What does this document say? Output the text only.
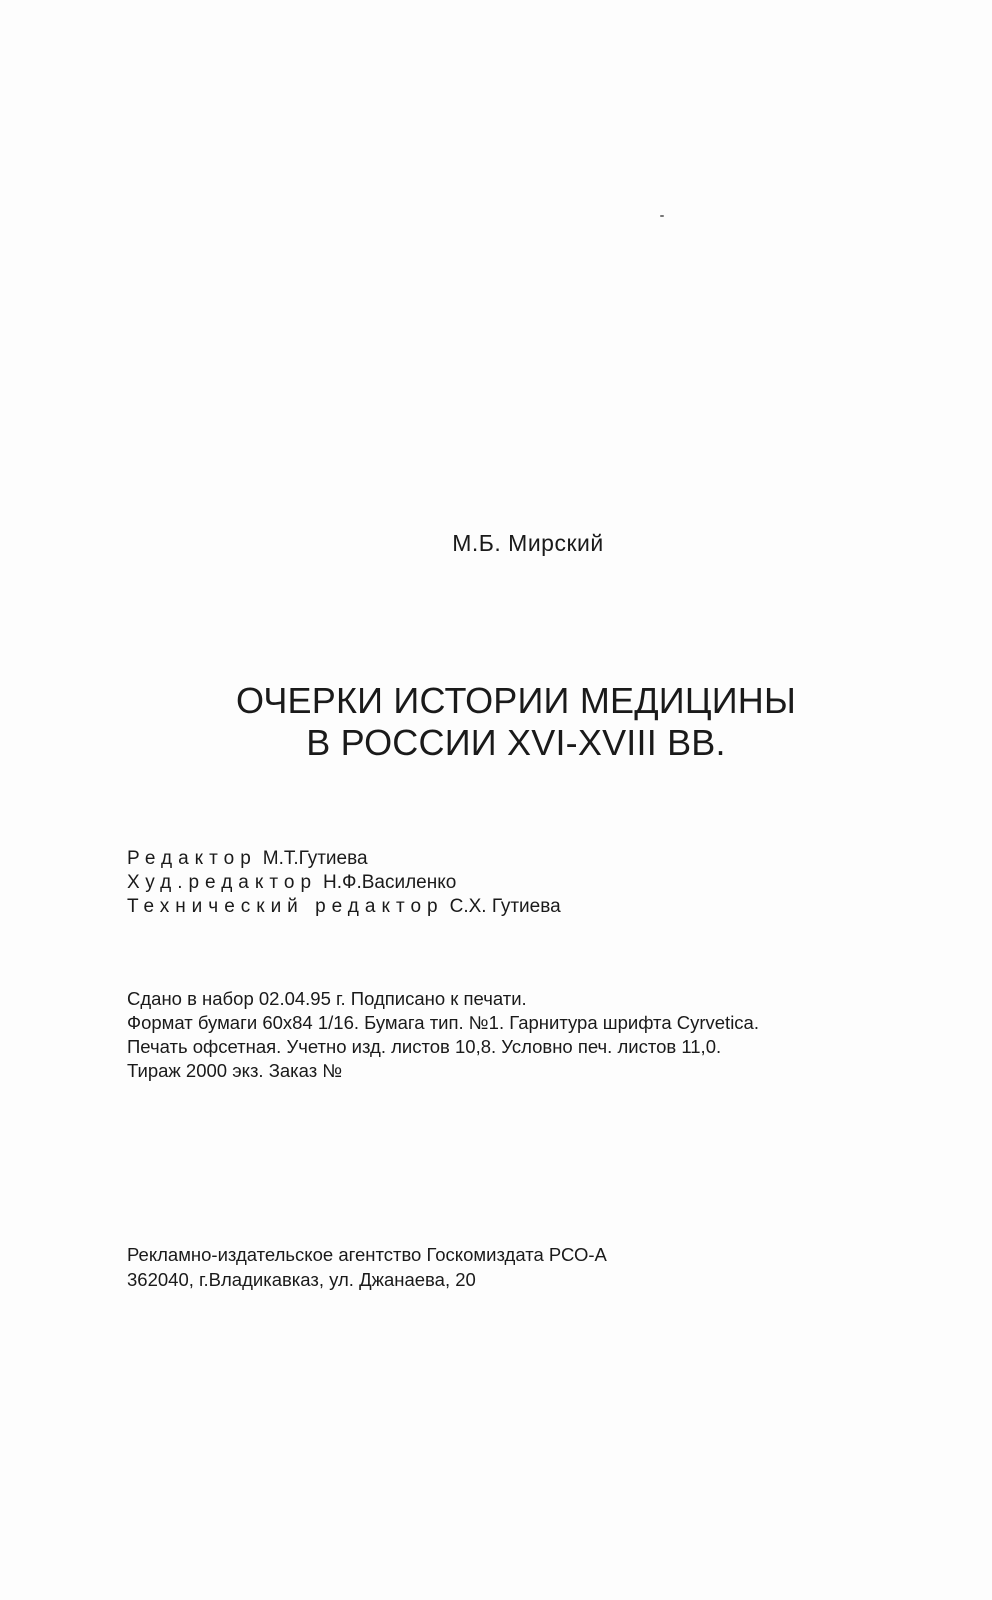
М.Б. Мирский
ОЧЕРКИ ИСТОРИИ МЕДИЦИНЫ
В РОССИИ XVI-XVIII ВВ.
Редактор М.Т.Гутиева
Худ.редактор Н.Ф.Василенко
Технический редактор С.Х. Гутиева
Сдано в набор 02.04.95 г. Подписано к печати.
Формат бумаги 60х84 1/16. Бумага тип. №1. Гарнитура шрифта Cyrvetica.
Печать офсетная. Учетно изд. листов 10,8. Условно печ. листов 11,0.
Тираж 2000 экз. Заказ №
Рекламно-издательское агентство Госкомиздата РСО-А
362040, г.Владикавказ, ул. Джанаева, 20
